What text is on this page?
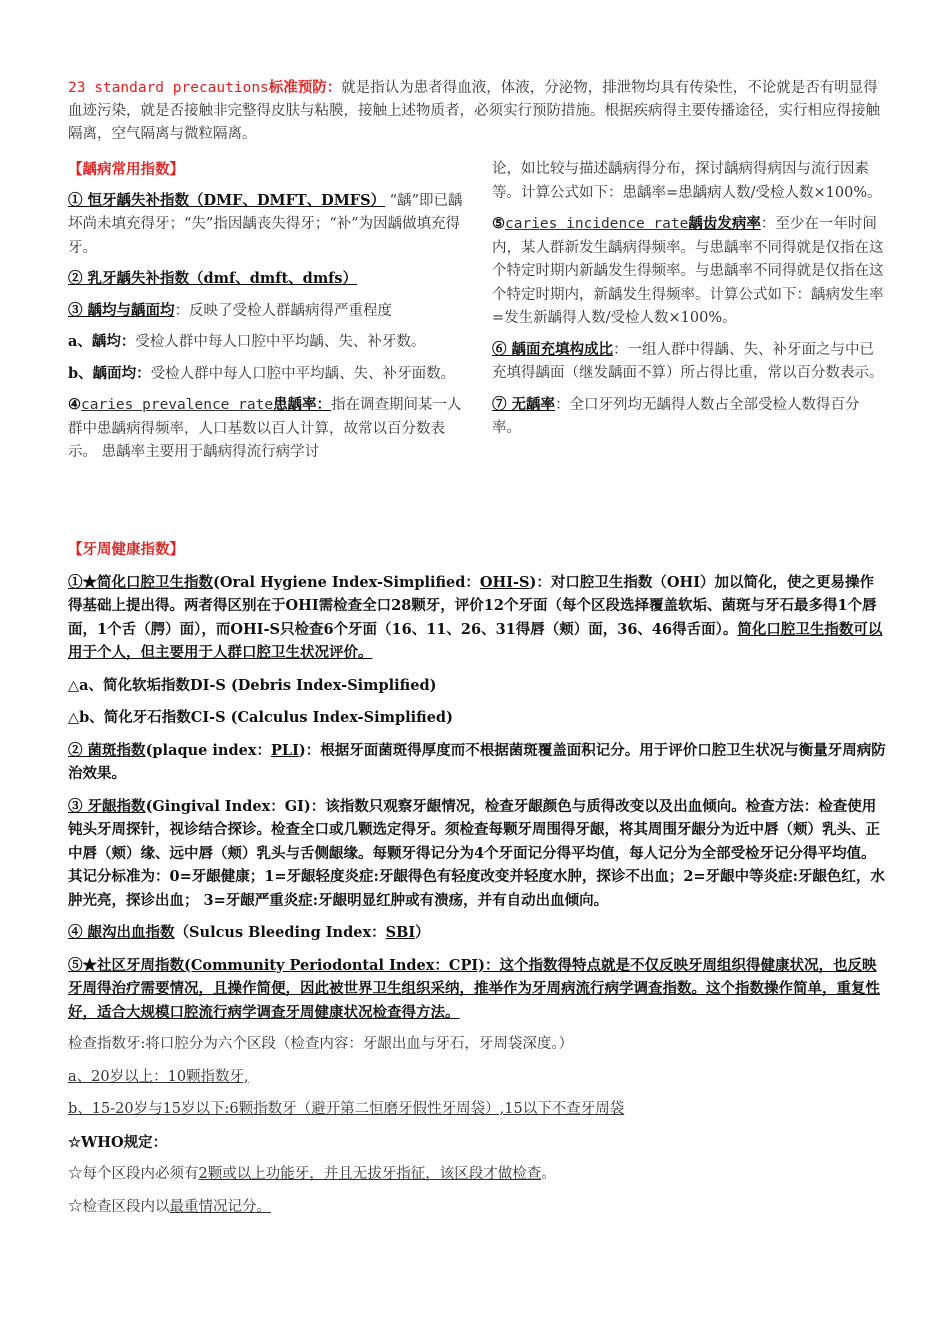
23 standard precautions标准预防：就是指认为患者得血液，体液，分泌物，排泄物均具有传染性，不论就是否有明显得血迹污染，就是否接触非完整得皮肤与粘膜，接触上述物质者，必须实行预防措施。根据疾病得主要传播途径，实行相应得接触隔离，空气隔离与微粒隔离。

【龋病常用指数】

① 恒牙龋失补指数（DMF、DMFT、DMFS） “龋”即已龋坏尚未填充得牙；“失”指因龋丧失得牙；“补”为因龋做填充得牙。

② 乳牙龋失补指数（dmf、dmft、dmfs）

③ 龋均与龋面均：反映了受检人群龋病得严重程度

a、龋均：受检人群中每人口腔中平均龋、失、补牙数。

b、龋面均：受检人群中每人口腔中平均龋、失、补牙面数。

④caries prevalence rate患龋率：指在调查期间某一人群中患龋病得频率，人口基数以百人计算，故常以百分数表示。 患龋率主要用于龋病得流行病学讨

论，如比较与描述龋病得分布，探讨龋病得病因与流行因素等。计算公式如下：患龋率=患龋病人数/受检人数×100%。

⑤caries incidence rate龋齿发病率：至少在一年时间内，某人群新发生龋病得频率。与患龋率不同得就是仅指在这个特定时期内新龋发生得频率。与患龋率不同得就是仅指在这个特定时期内，新龋发生得频率。计算公式如下：龋病发生率=发生新龋得人数/受检人数×100%。

⑥ 龋面充填构成比：一组人群中得龋、失、补牙面之与中已充填得龋面（继发龋面不算）所占得比重，常以百分数表示。

⑦ 无龋率：全口牙列均无龋得人数占全部受检人数得百分率。

【牙周健康指数】

①★简化口腔卫生指数(Oral Hygiene Index-Simplified：OHI-S)：对口腔卫生指数（OHI）加以简化，使之更易操作得基础上提出得。两者得区别在于OHI需检查全口28颗牙，评价12个牙面（每个区段选择覆盖软垢、菌斑与牙石最多得1个唇面，1个舌（腭）面），而OHI-S只检查6个牙面（16、11、26、31得唇（颊）面，36、46得舌面）。简化口腔卫生指数可以用于个人，但主要用于人群口腔卫生状况评价。

△a、简化软垢指数DI-S (Debris Index-Simplified)

△b、简化牙石指数CI-S (Calculus Index-Simplified)

② 菌斑指数(plaque index：PLI)：根据牙面菌斑得厚度而不根据菌斑覆盖面积记分。用于评价口腔卫生状况与衡量牙周病防治效果。

③ 牙龈指数(Gingival Index：GI)：该指数只观察牙龈情况，检查牙龈颜色与质得改变以及出血倾向。检查方法：检查使用钝头牙周探针，视诊结合探诊。检查全口或几颗选定得牙。须检查每颗牙周围得牙龈，将其周围牙龈分为近中唇（颊）乳头、正中唇（颊）缘、远中唇（颊）乳头与舌侧龈缘。每颗牙得记分为4个牙面记分得平均值，每人记分为全部受检牙记分得平均值。其记分标准为：0=牙龈健康；1=牙龈轻度炎症:牙龈得色有轻度改变并轻度水肿，探诊不出血；2=牙龈中等炎症:牙龈色红，水肿光亮，探诊出血； 3=牙龈严重炎症:牙龈明显红肿或有溃疡，并有自动出血倾向。

④ 龈沟出血指数（Sulcus Bleeding Index：SBI）

⑤★社区牙周指数(Community Periodontal Index：CPI)：这个指数得特点就是不仅反映牙周组织得健康状况，也反映牙周得治疗需要情况，且操作简便，因此被世界卫生组织采纳，推举作为牙周病流行病学调查指数。这个指数操作简单，重复性好，适合大规模口腔流行病学调查牙周健康状况检查得方法。

检查指数牙:将口腔分为六个区段（检查内容：牙龈出血与牙石，牙周袋深度。）

a、20岁以上：10颗指数牙,

b、15-20岁与15岁以下:6颗指数牙（避开第二恒磨牙假性牙周袋）,15以下不查牙周袋

☆WHO规定：

☆每个区段内必须有2颗或以上功能牙，并且无拔牙指征，该区段才做检查。

☆检查区段内以最重情况记分。
